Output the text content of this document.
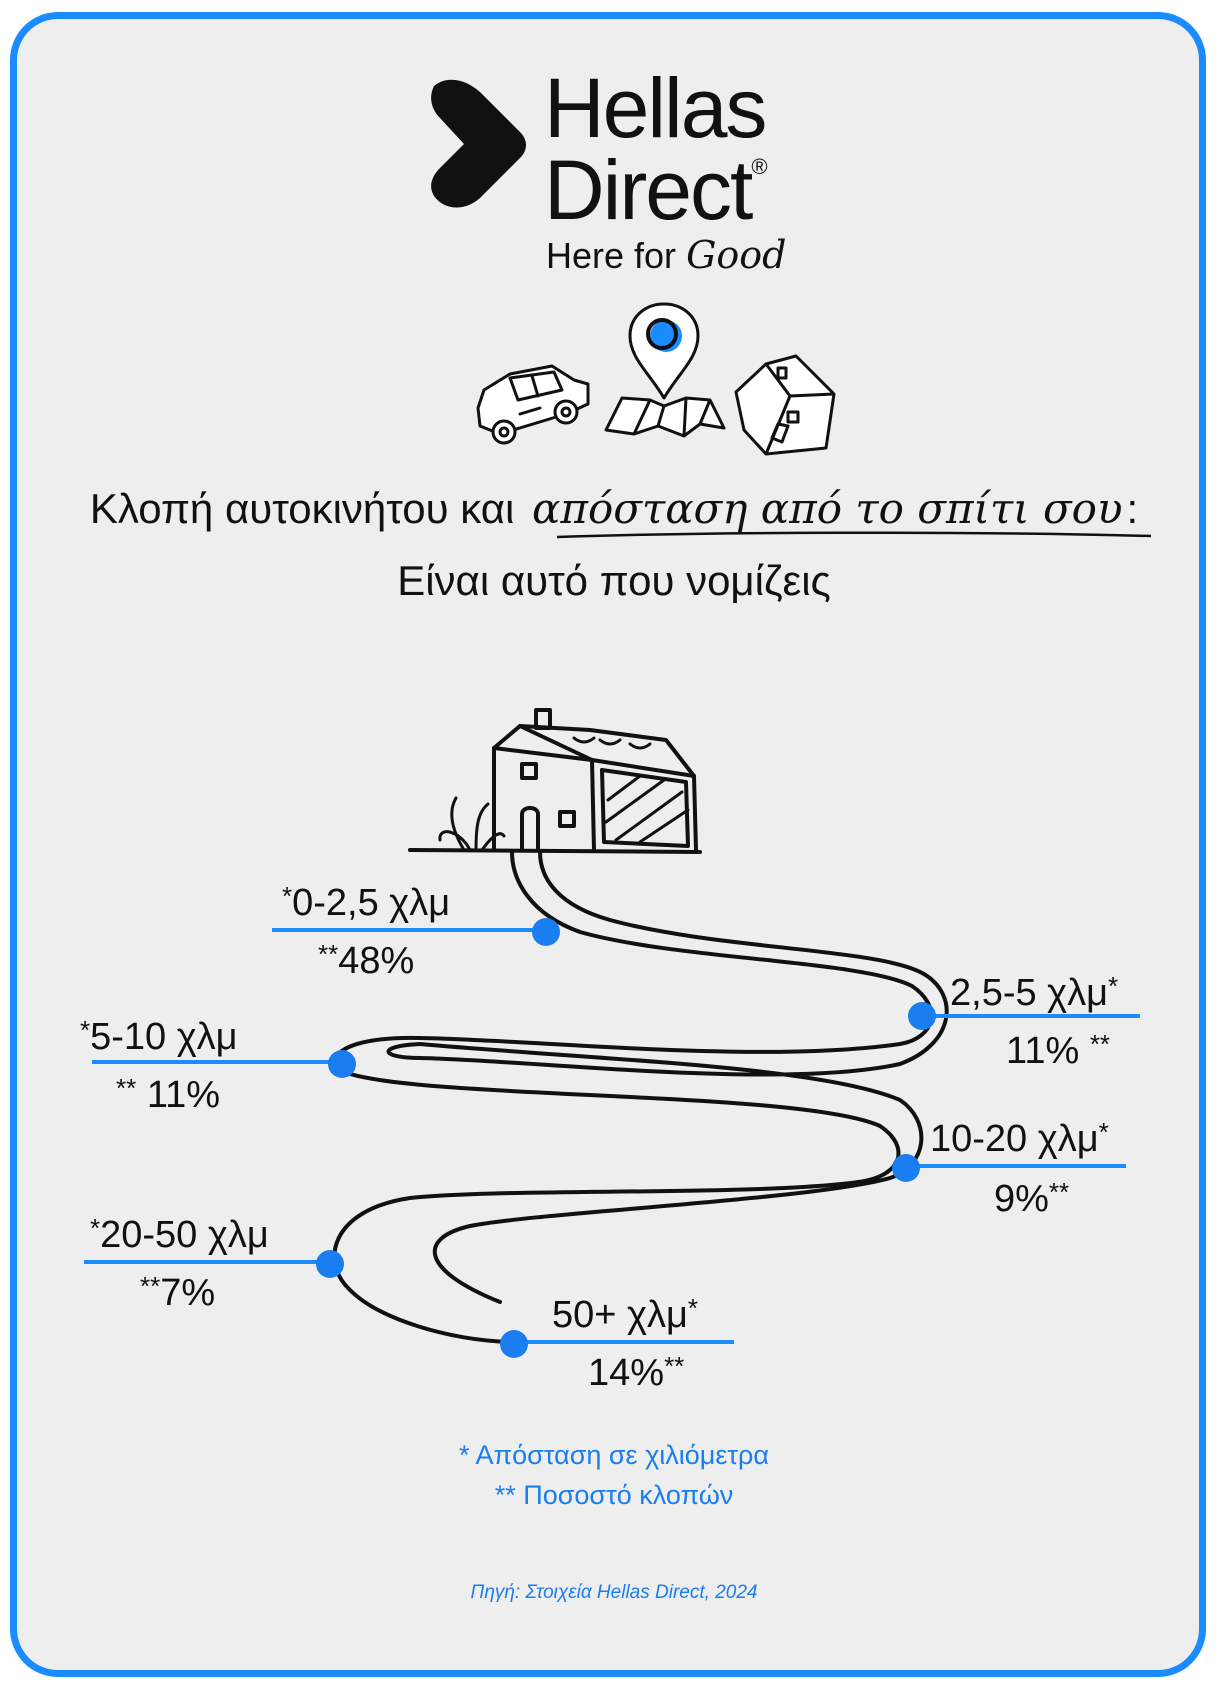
Hellas
Direct®
Here for Good
Κλοπή αυτοκινήτου και απόσταση από το σπίτι σου:
Είναι αυτό που νομίζεις
*0-2,5 χλμ
**48%
2,5-5 χλμ*
11% **
*5-10 χλμ
** 11%
10-20 χλμ*
9%**
*20-50 χλμ
**7%
50+ χλμ*
14%**
* Απόσταση σε χιλιόμετρα
** Ποσοστό κλοπών
Πηγή: Στοιχεία Hellas Direct, 2024
